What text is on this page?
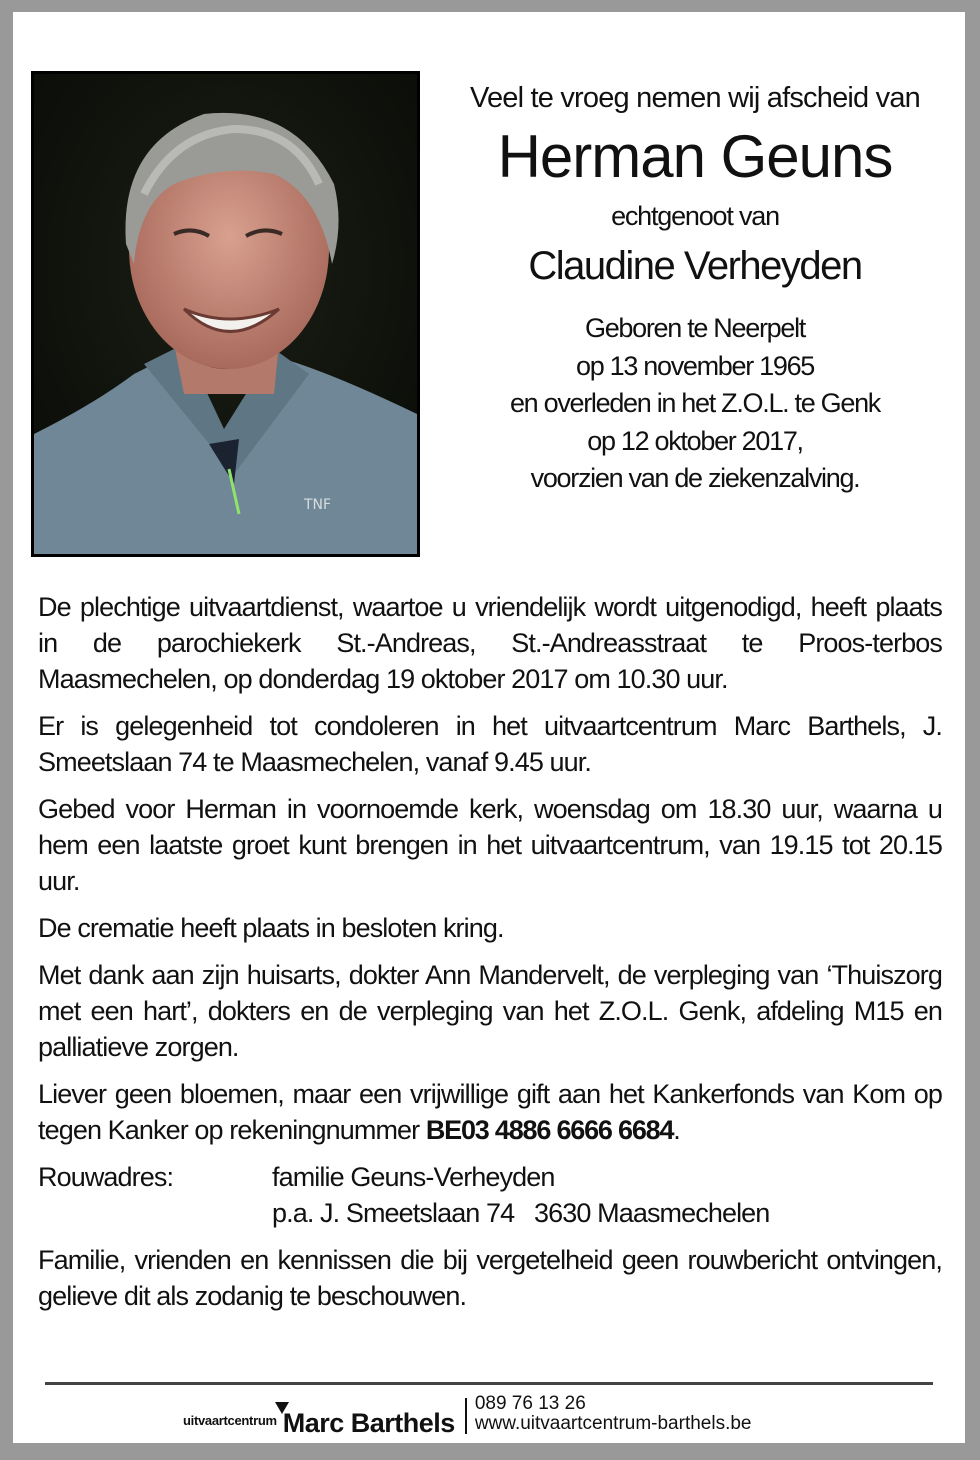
TNF
Veel te vroeg nemen wij afscheid van
Herman Geuns
echtgenoot van
Claudine Verheyden
Geboren te Neerpelt
op 13 november 1965
en overleden in het Z.O.L. te Genk
op 12 oktober 2017,
voorzien van de ziekenzalving.

De plechtige uitvaartdienst, waartoe u vriendelijk wordt uitgenodigd, heeft plaats in de parochiekerk St.-Andreas, St.-Andreasstraat te Proos-terbos Maasmechelen, op donderdag 19 oktober 2017 om 10.30 uur.

Er is gelegenheid tot condoleren in het uitvaartcentrum Marc Barthels, J. Smeetslaan 74 te Maasmechelen, vanaf 9.45 uur.

Gebed voor Herman in voornoemde kerk, woensdag om 18.30 uur, waarna u hem een laatste groet kunt brengen in het uitvaartcentrum, van 19.15 tot 20.15 uur.

De crematie heeft plaats in besloten kring.

Met dank aan zijn huisarts, dokter Ann Mandervelt, de verpleging van ‘Thuiszorg met een hart’, dokters en de verpleging van het Z.O.L. Genk, afdeling M15 en palliatieve zorgen.

Liever geen bloemen, maar een vrijwillige gift aan het Kankerfonds van Kom op tegen Kanker op rekeningnummer BE03 4886 6666 6684.

Rouwadres:	familie Geuns-Verheyden
p.a. J. Smeetslaan 74   3630 Maasmechelen

Familie, vrienden en kennissen die bij vergetelheid geen rouwbericht ontvingen, gelieve dit als zodanig te beschouwen.

uitvaartcentrum Marc Barthels
089 76 13 26
www.uitvaartcentrum-barthels.be
